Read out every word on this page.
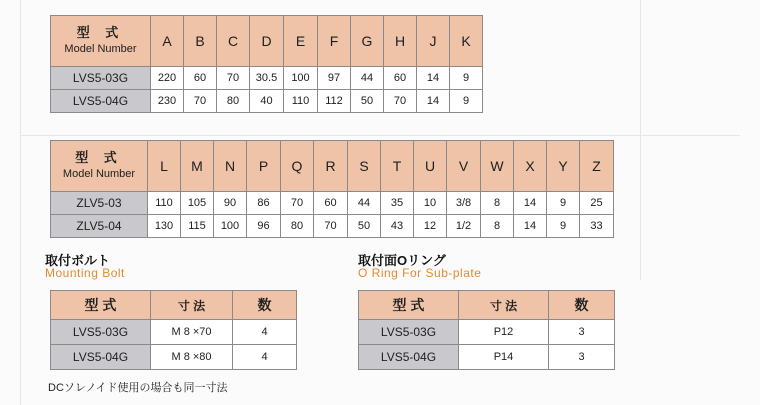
型 式
Model Number	A	B	C	D	E	F	G	H	J	K
LVS5-03G	220	60	70	30.5	100	97	44	60	14	9
LVS5-04G	230	70	80	40	110	112	50	70	14	9
型 式
Model Number	L	M	N	P	Q	R	S	T	U	V	W	X	Y	Z
ZLV5-03	110	105	90	86	70	60	44	35	10	3/8	8	14	9	25
ZLV5-04	130	115	100	96	80	70	50	43	12	1/2	8	14	9	33
取付ボルト
Mounting Bolt
型 式	寸 法	数
LVS5-03G	M 8 ×70	4
LVS5-04G	M 8 ×80	4
取付面Oリング
O Ring For Sub-plate
型 式	寸 法	数
LVS5-03G	P12	3
LVS5-04G	P14	3
DCソレノイド使用の場合も同一寸法
